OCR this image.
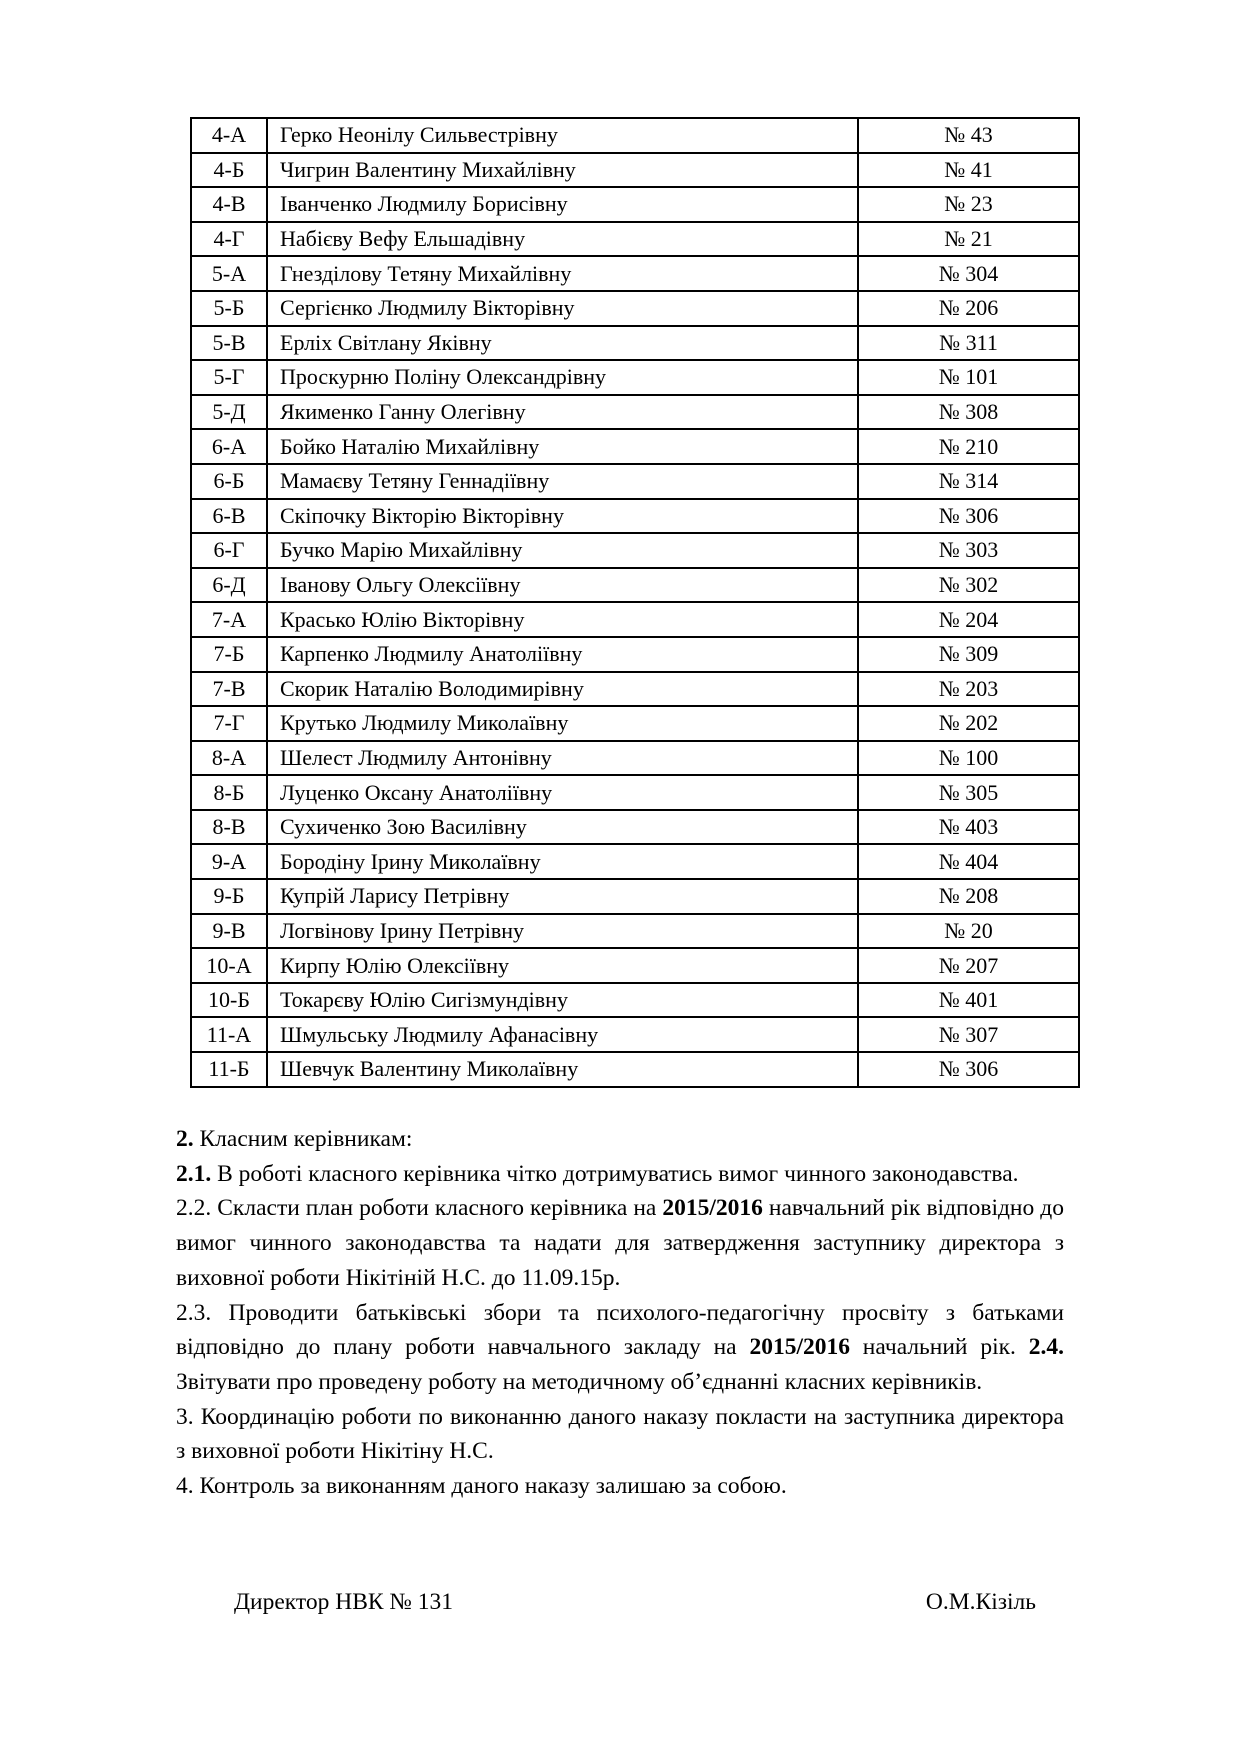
4-А	Герко Неонілу Сильвестрівну	№ 43
4-Б	Чигрин Валентину Михайлівну	№ 41
4-В	Іванченко Людмилу Борисівну	№ 23
4-Г	Набієву Вефу Ельшадівну	№ 21
5-А	Гнезділову Тетяну Михайлівну	№ 304
5-Б	Сергієнко Людмилу Вікторівну	№ 206
5-В	Ерліх Світлану Яківну	№ 311
5-Г	Проскурню Поліну Олександрівну	№ 101
5-Д	Якименко Ганну Олегівну	№ 308
6-А	Бойко Наталію Михайлівну	№ 210
6-Б	Мамаєву Тетяну Геннадіївну	№ 314
6-В	Скіпочку Вікторію Вікторівну	№ 306
6-Г	Бучко Марію Михайлівну	№ 303
6-Д	Іванову Ольгу Олексіївну	№ 302
7-А	Красько Юлію Вікторівну	№ 204
7-Б	Карпенко Людмилу Анатоліївну	№ 309
7-В	Скорик Наталію Володимирівну	№ 203
7-Г	Крутько Людмилу Миколаївну	№ 202
8-А	Шелест Людмилу Антонівну	№ 100
8-Б	Луценко Оксану Анатоліївну	№ 305
8-В	Сухиченко Зою Василівну	№ 403
9-А	Бородіну Ірину Миколаївну	№ 404
9-Б	Купрій Ларису Петрівну	№ 208
9-В	Логвінову Ірину Петрівну	№ 20
10-А	Кирпу Юлію Олексіївну	№ 207
10-Б	Токарєву Юлію Сигізмундівну	№ 401
11-А	Шмульську Людмилу Афанасівну	№ 307
11-Б	Шевчук Валентину Миколаївну	№ 306

2. Класним керівникам:

2.1. В роботі класного керівника чітко дотримуватись вимог чинного законодавства.

2.2. Скласти план роботи класного керівника на 2015/2016 навчальний рік відповідно до вимог чинного законодавства та надати для затвердження заступнику директора з виховної роботи Нікітіній Н.С. до 11.09.15р.

2.3. Проводити батьківські збори та психолого-педагогічну просвіту з батьками відповідно до плану роботи навчального закладу на 2015/2016 начальний рік. 2.4. Звітувати про проведену роботу на методичному об’єднанні класних керівників.

3. Координацію роботи по виконанню даного наказу покласти на заступника директора з виховної роботи Нікітіну Н.С.

4. Контроль за виконанням даного наказу залишаю за собою.

Директор НВК № 131	О.М.Кізіль
